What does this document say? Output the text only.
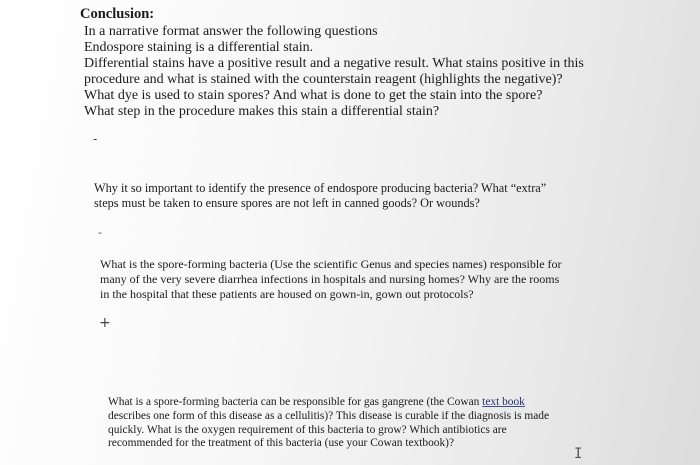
Conclusion:
In a narrative format answer the following questions
Endospore staining is a differential stain.
Differential stains have a positive result and a negative result. What stains positive in this
procedure and what is stained with the counterstain reagent (highlights the negative)?
What dye is used to stain spores? And what is done to get the stain into the spore?
What step in the procedure makes this stain a differential stain?
-
Why it so important to identify the presence of endospore producing bacteria? What “extra”
steps must be taken to ensure spores are not left in canned goods? Or wounds?
-
What is the spore-forming bacteria (Use the scientific Genus and species names) responsible for
many of the very severe diarrhea infections in hospitals and nursing homes? Why are the rooms
in the hospital that these patients are housed on gown-in, gown out protocols?
+
What is a spore-forming bacteria can be responsible for gas gangrene (the Cowan text book
describes one form of this disease as a cellulitis)? This disease is curable if the diagnosis is made
quickly. What is the oxygen requirement of this bacteria to grow? Which antibiotics are
recommended for the treatment of this bacteria (use your Cowan textbook)?
I
